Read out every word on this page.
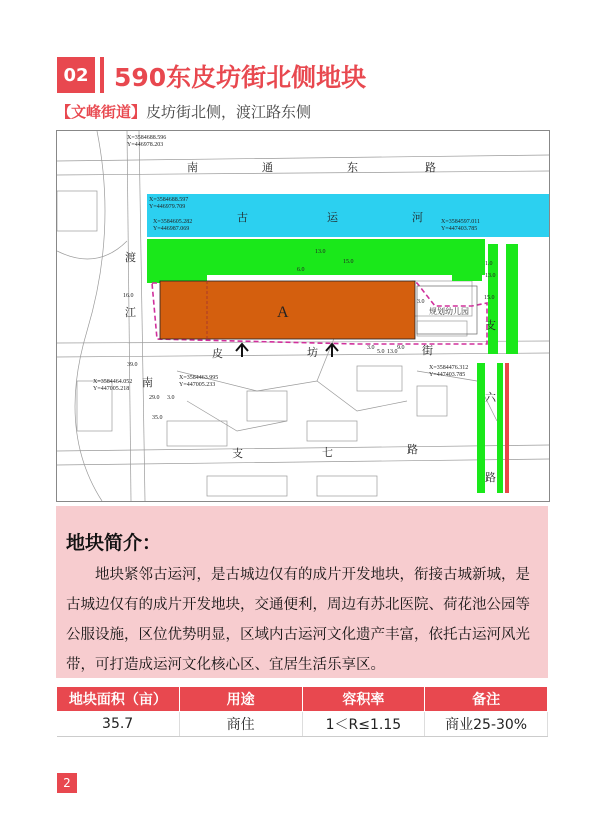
02 590东皮坊街北侧地块
【文峰街道】皮坊街北侧，渡江路东侧
A	规划幼儿园
南	通	东	路
古	运	河
渡
江
南
皮	坊	街
支	七	路
支
六
路
X=3584688.596
Y=446978.203
X=3584688.597
Y=446979.709
X=3584605.282
Y=446987.069
X=3584597.011
Y=447403.785
X=3584464.052
Y=447005.218
X=3584463.995
Y=447005.233
X=3584476.312
Y=447403.785
13.0
6.0
15.0
16.0
39.0
29.0 3.0
35.0
1.0
13.0
15.0
3.0
3.0
5.0 13.0
9.0
地块简介：
地块紧邻古运河，是古城边仅有的成片开发地块，衔接古城新城，是古城边仅有的成片开发地块，交通便利，周边有苏北医院、荷花池公园等公服设施，区位优势明显，区域内古运河文化遗产丰富，依托古运河风光带，可打造成运河文化核心区、宜居生活乐享区。
地块面积（亩）	用途	容积率	备注
35.7	商住	1＜R≤1.15	商业25-30%
2
